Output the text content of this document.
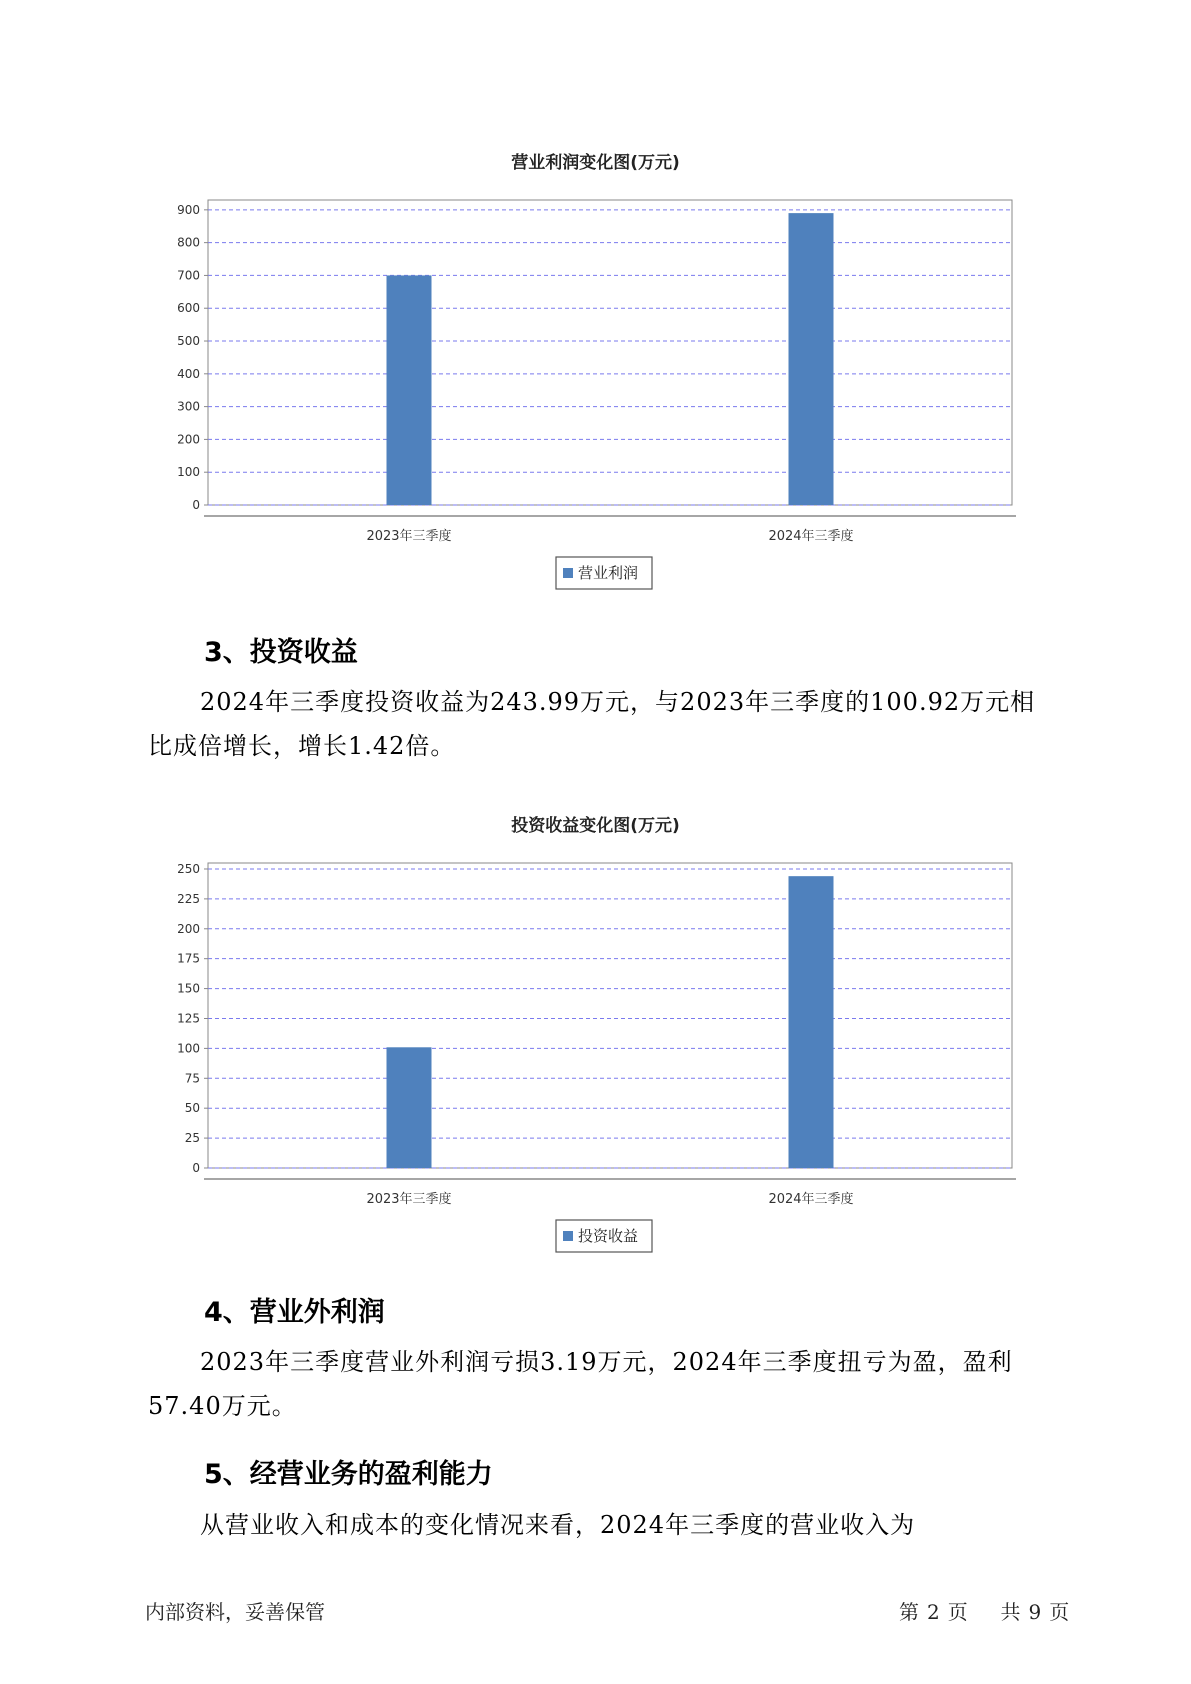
营业利润变化图(万元)
0
100
200
300
400
500
600
700
800
900
2023年三季度	2024年三季度
营业利润
3、投资收益
2024年三季度投资收益为243.99万元，与2023年三季度的100.92万元相比成倍增长，增长1.42倍。
投资收益变化图(万元)
0
25
50
75
100
125
150
175
200
225
250
2023年三季度	2024年三季度
投资收益
4、营业外利润
2023年三季度营业外利润亏损3.19万元，2024年三季度扭亏为盈，盈利57.40万元。
5、经营业务的盈利能力
从营业收入和成本的变化情况来看，2024年三季度的营业收入为
内部资料，妥善保管	第 2 页 共 9 页
